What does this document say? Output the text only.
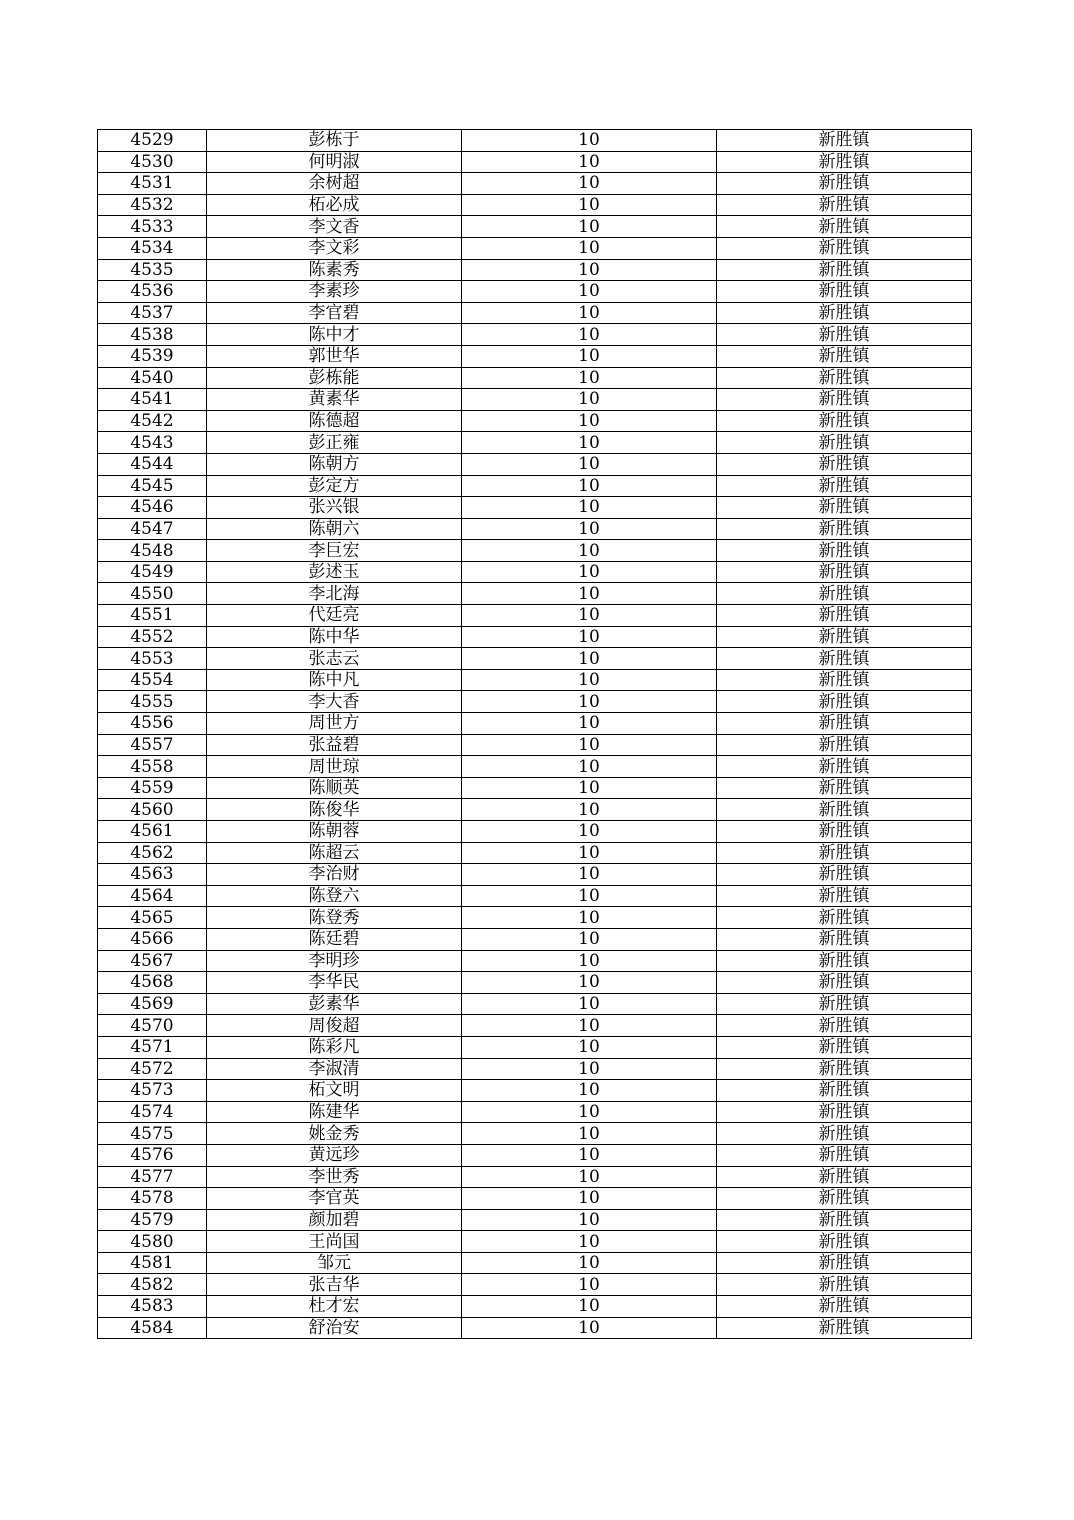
4529	彭栋于	10	新胜镇
4530	何明淑	10	新胜镇
4531	余树超	10	新胜镇
4532	柘必成	10	新胜镇
4533	李文香	10	新胜镇
4534	李文彩	10	新胜镇
4535	陈素秀	10	新胜镇
4536	李素珍	10	新胜镇
4537	李官碧	10	新胜镇
4538	陈中才	10	新胜镇
4539	郭世华	10	新胜镇
4540	彭栋能	10	新胜镇
4541	黄素华	10	新胜镇
4542	陈德超	10	新胜镇
4543	彭正雍	10	新胜镇
4544	陈朝方	10	新胜镇
4545	彭定方	10	新胜镇
4546	张兴银	10	新胜镇
4547	陈朝六	10	新胜镇
4548	李巨宏	10	新胜镇
4549	彭述玉	10	新胜镇
4550	李北海	10	新胜镇
4551	代廷亮	10	新胜镇
4552	陈中华	10	新胜镇
4553	张志云	10	新胜镇
4554	陈中凡	10	新胜镇
4555	李大香	10	新胜镇
4556	周世方	10	新胜镇
4557	张益碧	10	新胜镇
4558	周世琼	10	新胜镇
4559	陈顺英	10	新胜镇
4560	陈俊华	10	新胜镇
4561	陈朝蓉	10	新胜镇
4562	陈超云	10	新胜镇
4563	李治财	10	新胜镇
4564	陈登六	10	新胜镇
4565	陈登秀	10	新胜镇
4566	陈廷碧	10	新胜镇
4567	李明珍	10	新胜镇
4568	李华民	10	新胜镇
4569	彭素华	10	新胜镇
4570	周俊超	10	新胜镇
4571	陈彩凡	10	新胜镇
4572	李淑清	10	新胜镇
4573	柘文明	10	新胜镇
4574	陈建华	10	新胜镇
4575	姚金秀	10	新胜镇
4576	黄远珍	10	新胜镇
4577	李世秀	10	新胜镇
4578	李官英	10	新胜镇
4579	颜加碧	10	新胜镇
4580	王尚国	10	新胜镇
4581	邹元	10	新胜镇
4582	张吉华	10	新胜镇
4583	杜才宏	10	新胜镇
4584	舒治安	10	新胜镇
